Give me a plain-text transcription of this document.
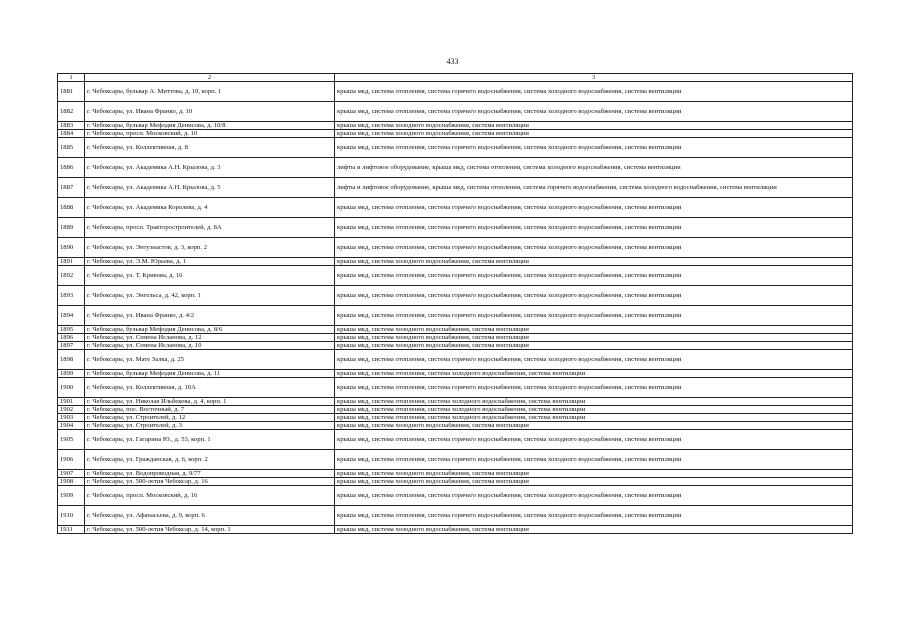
433
1	2	3
1881	г. Чебоксары, бульвар А. Миттова, д. 10, корп. 1	крыша мкд, система отопления, система горячего водоснабжения, система холодного водоснабжения, система вентиляции
1882	г. Чебоксары, ул. Ивана Франко, д. 10	крыша мкд, система отопления, система горячего водоснабжения, система холодного водоснабжения, система вентиляции
1883	г. Чебоксары, бульвар Мефодия Денисова, д. 10/8	крыша мкд, система холодного водоснабжения, система вентиляции
1884	г. Чебоксары, просп. Московский, д. 10	крыша мкд, система холодного водоснабжения, система вентиляции
1885	г. Чебоксары, ул. Коллективная, д. 8	крыша мкд, система отопления, система горячего водоснабжения, система холодного водоснабжения, система вентиляции
1886	г. Чебоксары, ул. Академика А.Н. Крылова, д. 3	лифты и лифтовое оборудование, крыша мкд, система отопления, система холодного водоснабжения, система вентиляции
1887	г. Чебоксары, ул. Академика А.Н. Крылова, д. 5	лифты и лифтовое оборудование, крыша мкд, система отопления, система горячего водоснабжения, система холодного водоснабжения, система вентиляции
1888	г. Чебоксары, ул. Академика Королева, д. 4	крыша мкд, система отопления, система горячего водоснабжения, система холодного водоснабжения, система вентиляции
1889	г. Чебоксары, просп. Тракторостроителей, д. 8А	крыша мкд, система отопления, система горячего водоснабжения, система холодного водоснабжения, система вентиляции
1890	г. Чебоксары, ул. Энтузиастов, д. 3, корп. 2	крыша мкд, система отопления, система горячего водоснабжения, система холодного водоснабжения, система вентиляции
1891	г. Чебоксары, ул. Э.М. Юрьева, д. 1	крыша мкд, система холодного водоснабжения, система вентиляции
1892	г. Чебоксары, ул. Т. Кривова, д. 16	крыша мкд, система отопления, система горячего водоснабжения, система холодного водоснабжения, система вентиляции
1893	г. Чебоксары, ул. Энгельса, д. 42, корп. 1	крыша мкд, система отопления, система горячего водоснабжения, система холодного водоснабжения, система вентиляции
1894	г. Чебоксары, ул. Ивана Франко, д. 4/2	крыша мкд, система отопления, система горячего водоснабжения, система холодного водоснабжения, система вентиляции
1895	г. Чебоксары, бульвар Мефодия Денисова, д. 8/6	крыша мкд, система холодного водоснабжения, система вентиляции
1896	г. Чебоксары, ул. Семена Исланова, д. 12	крыша мкд, система холодного водоснабжения, система вентиляции
1897	г. Чебоксары, ул. Семена Исланова, д. 10	крыша мкд, система холодного водоснабжения, система вентиляции
1898	г. Чебоксары, ул. Мате Залка, д. 25	крыша мкд, система отопления, система горячего водоснабжения, система холодного водоснабжения, система вентиляции
1899	г. Чебоксары, бульвар Мефодия Денисова, д. 11	крыша мкд, система отопления, система холодного водоснабжения, система вентиляции
1900	г. Чебоксары, ул. Коллективная, д. 10А	крыша мкд, система отопления, система горячего водоснабжения, система холодного водоснабжения, система вентиляции
1901	г. Чебоксары, ул. Николая Ильбекова, д. 4, корп. 1	крыша мкд, система отопления, система холодного водоснабжения, система вентиляции
1902	г. Чебоксары, пос. Восточный, д. 7	крыша мкд, система отопления, система холодного водоснабжения, система вентиляции
1903	г. Чебоксары, ул. Строителей, д. 12	крыша мкд, система отопления, система холодного водоснабжения, система вентиляции
1904	г. Чебоксары, ул. Строителей, д. 3	крыша мкд, система холодного водоснабжения, система вентиляции
1905	г. Чебоксары, ул. Гагарина Ю., д. 53, корп. 1	крыша мкд, система отопления, система горячего водоснабжения, система холодного водоснабжения, система вентиляции
1906	г. Чебоксары, ул. Гражданская, д. 6, корп. 2	крыша мкд, система отопления, система горячего водоснабжения, система холодного водоснабжения, система вентиляции
1907	г. Чебоксары, ул. Водопроводная, д. 9/77	крыша мкд, система холодного водоснабжения, система вентиляции
1908	г. Чебоксары, ул. 500-летия Чебоксар, д. 16	крыша мкд, система холодного водоснабжения, система вентиляции
1909	г. Чебоксары, просп. Московский, д. 16	крыша мкд, система отопления, система горячего водоснабжения, система холодного водоснабжения, система вентиляции
1910	г. Чебоксары, ул. Афанасьева, д. 9, корп. 6	крыша мкд, система отопления, система горячего водоснабжения, система холодного водоснабжения, система вентиляции
1911	г. Чебоксары, ул. 500-летия Чебоксар, д. 14, корп. 1	крыша мкд, система холодного водоснабжения, система вентиляции
